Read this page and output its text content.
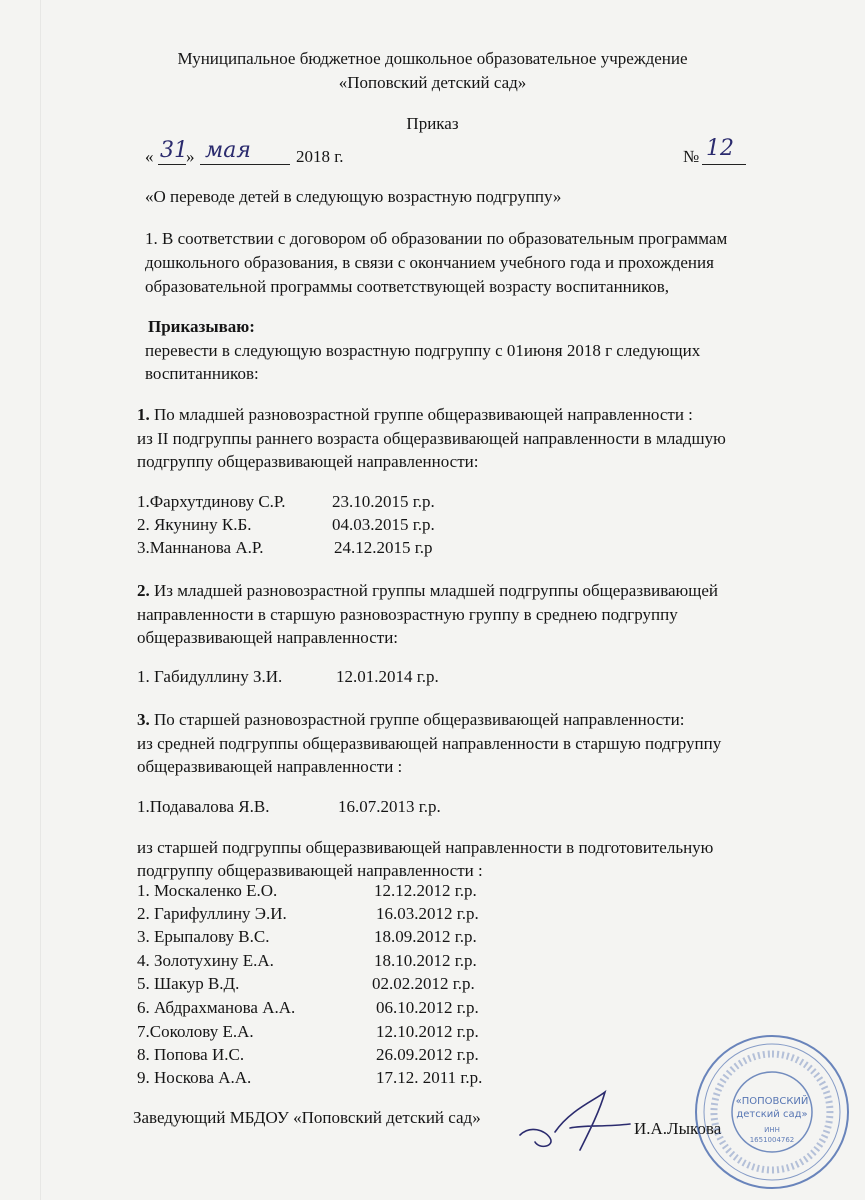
Муниципальное бюджетное дошкольное образовательное учреждение
«Поповский детский сад»
Приказ
« 31
» мая	2018 г.	№ 12
«О переводе детей в следующую возрастную подгруппу»
1. В соответствии с договором об образовании по образовательным программам
дошкольного образования, в связи с окончанием учебного года и прохождения
образовательной программы соответствующей возрасту воспитанников,
Приказываю:
перевести в следующую возрастную подгруппу с 01июня 2018 г следующих
воспитанников:
1. По младшей разновозрастной группе общеразвивающей направленности :
из II подгруппы раннего возраста общеразвивающей направленности в младшую
подгруппу общеразвивающей направленности:
1.Фархутдинову С.Р.	23.10.2015 г.р.
2. Якунину К.Б.	04.03.2015 г.р.
3.Маннанова А.Р.	24.12.2015 г.р
2. Из младшей разновозрастной группы младшей подгруппы общеразвивающей
направленности в старшую разновозрастную группу в среднею подгруппу
общеразвивающей направленности:
1. Габидуллину З.И.	12.01.2014 г.р.
3. По старшей разновозрастной группе общеразвивающей направленности:
из средней подгруппы общеразвивающей направленности в старшую подгруппу
общеразвивающей направленности :
1.Подавалова Я.В.	16.07.2013 г.р.
из старшей подгруппы общеразвивающей направленности в подготовительную
подгруппу общеразвивающей направленности :
1. Москаленко Е.О.	12.12.2012 г.р.
2. Гарифуллину Э.И.	16.03.2012 г.р.
3. Ерыпалову В.С.	18.09.2012 г.р.
4. Золотухину Е.А.	18.10.2012 г.р.
5. Шакур В.Д.	02.02.2012 г.р.
6. Абдрахманова А.А.	06.10.2012 г.р.
7.Соколову Е.А.	12.10.2012 г.р.
8. Попова И.С.	26.09.2012 г.р.
9. Носкова А.А.	17.12. 2011 г.р.
Заведующий МБДОУ «Поповский детский сад»
И.А.Лыкова
«ПОПОВСКИЙ
детский сад»
ИНН
1651004762
